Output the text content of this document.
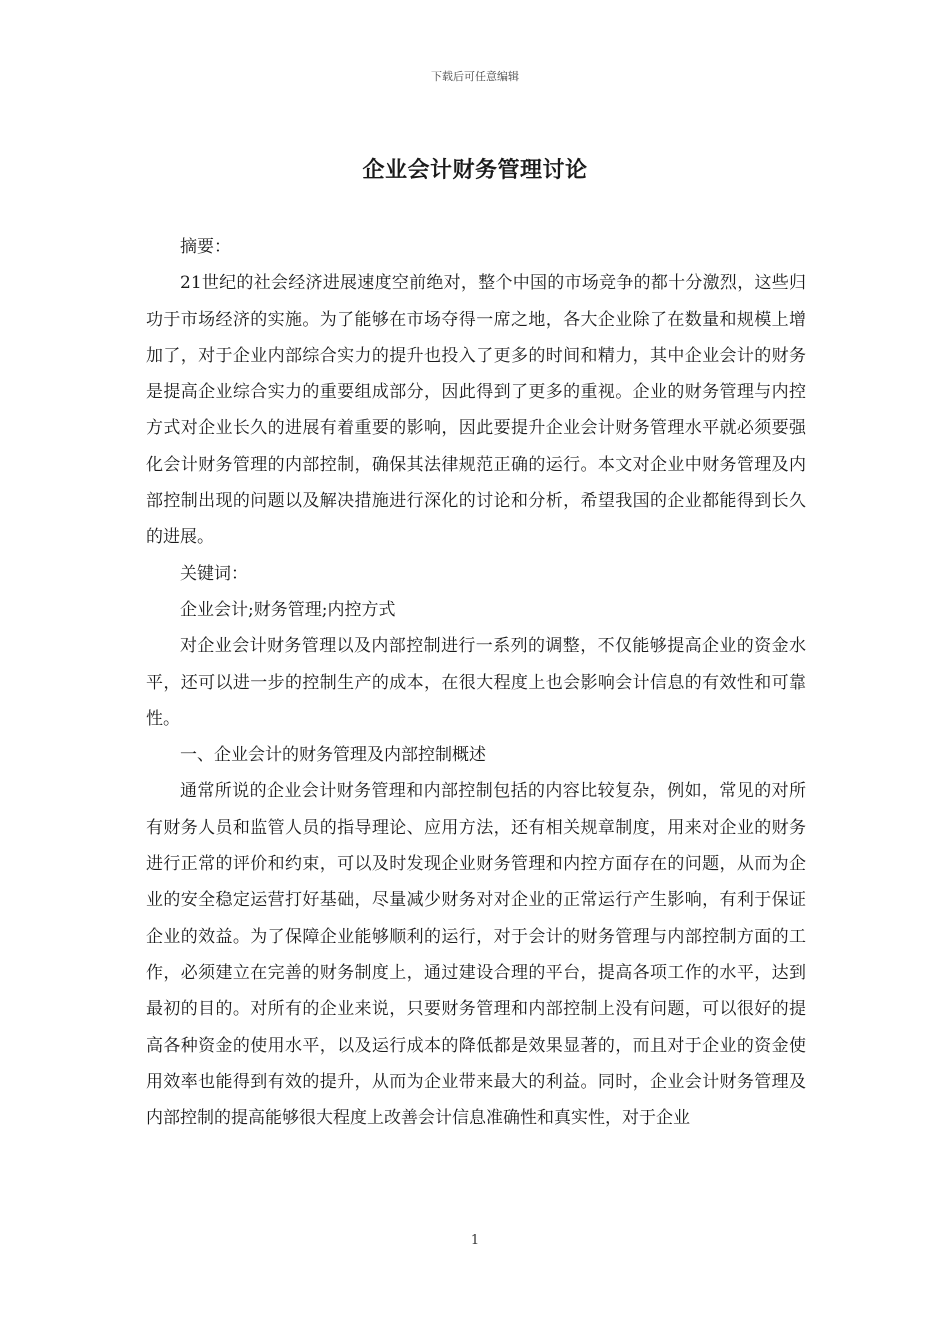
下载后可任意编辑
企业会计财务管理讨论

摘要：

21世纪的社会经济进展速度空前绝对，整个中国的市场竞争的都十分激烈，这些归功于市场经济的实施。为了能够在市场夺得一席之地，各大企业除了在数量和规模上增加了，对于企业内部综合实力的提升也投入了更多的时间和精力，其中企业会计的财务是提高企业综合实力的重要组成部分，因此得到了更多的重视。企业的财务管理与内控方式对企业长久的进展有着重要的影响，因此要提升企业会计财务管理水平就必须要强化会计财务管理的内部控制，确保其法律规范正确的运行。本文对企业中财务管理及内部控制出现的问题以及解决措施进行深化的讨论和分析，希望我国的企业都能得到长久的进展。

关键词：

企业会计;财务管理;内控方式

对企业会计财务管理以及内部控制进行一系列的调整，不仅能够提高企业的资金水平，还可以进一步的控制生产的成本，在很大程度上也会影响会计信息的有效性和可靠性。

一、企业会计的财务管理及内部控制概述

通常所说的企业会计财务管理和内部控制包括的内容比较复杂，例如，常见的对所有财务人员和监管人员的指导理论、应用方法，还有相关规章制度，用来对企业的财务进行正常的评价和约束，可以及时发现企业财务管理和内控方面存在的问题，从而为企业的安全稳定运营打好基础，尽量减少财务对对企业的正常运行产生影响，有利于保证企业的效益。为了保障企业能够顺利的运行，对于会计的财务管理与内部控制方面的工作，必须建立在完善的财务制度上，通过建设合理的平台，提高各项工作的水平，达到最初的目的。对所有的企业来说，只要财务管理和内部控制上没有问题，可以很好的提高各种资金的使用水平，以及运行成本的降低都是效果显著的，而且对于企业的资金使用效率也能得到有效的提升，从而为企业带来最大的利益。同时，企业会计财务管理及内部控制的提高能够很大程度上改善会计信息准确性和真实性，对于企业

1
